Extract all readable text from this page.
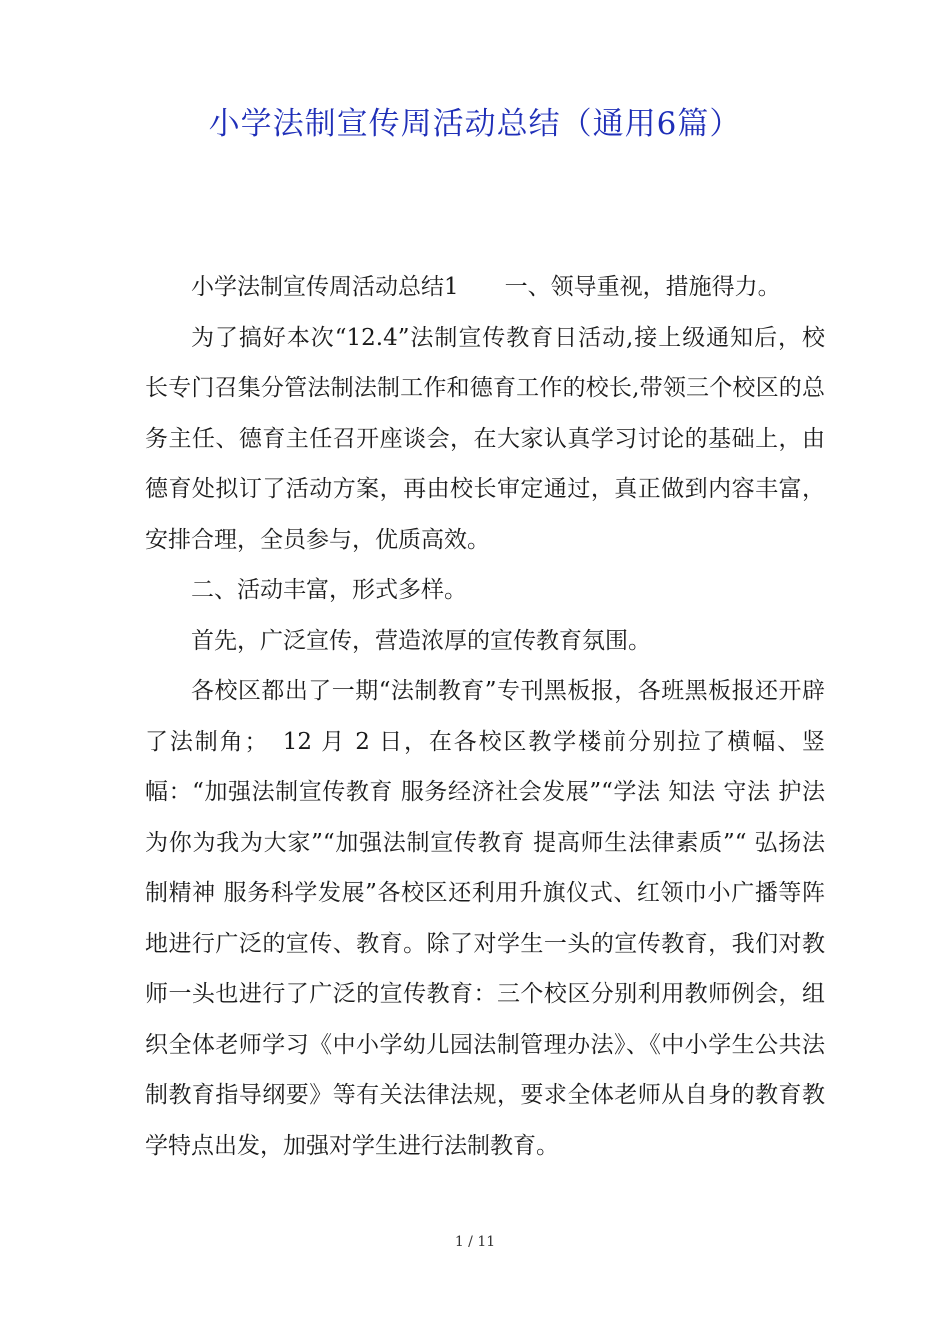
小学法制宣传周活动总结（通用6篇）

小学法制宣传周活动总结1　　一、领导重视，措施得力。

为了搞好本次“12.4”法制宣传教育日活动,接上级通知后，校长专门召集分管法制法制工作和德育工作的校长,带领三个校区的总务主任、德育主任召开座谈会，在大家认真学习讨论的基础上，由德育处拟订了活动方案，再由校长审定通过，真正做到内容丰富，安排合理，全员参与，优质高效。

二、活动丰富，形式多样。

首先，广泛宣传，营造浓厚的宣传教育氛围。

各校区都出了一期“法制教育”专刊黑板报，各班黑板报还开辟了法制角；　12 月 2 日，在各校区教学楼前分别拉了横幅、竖幅：“加强法制宣传教育 服务经济社会发展”“学法 知法 守法 护法 为你为我为大家”“加强法制宣传教育 提高师生法律素质”“ 弘扬法制精神 服务科学发展”各校区还利用升旗仪式、红领巾小广播等阵地进行广泛的宣传、教育。除了对学生一头的宣传教育，我们对教师一头也进行了广泛的宣传教育：三个校区分别利用教师例会，组织全体老师学习《中小学幼儿园法制管理办法》、《中小学生公共法制教育指导纲要》等有关法律法规，要求全体老师从自身的教育教学特点出发，加强对学生进行法制教育。

1 / 11
